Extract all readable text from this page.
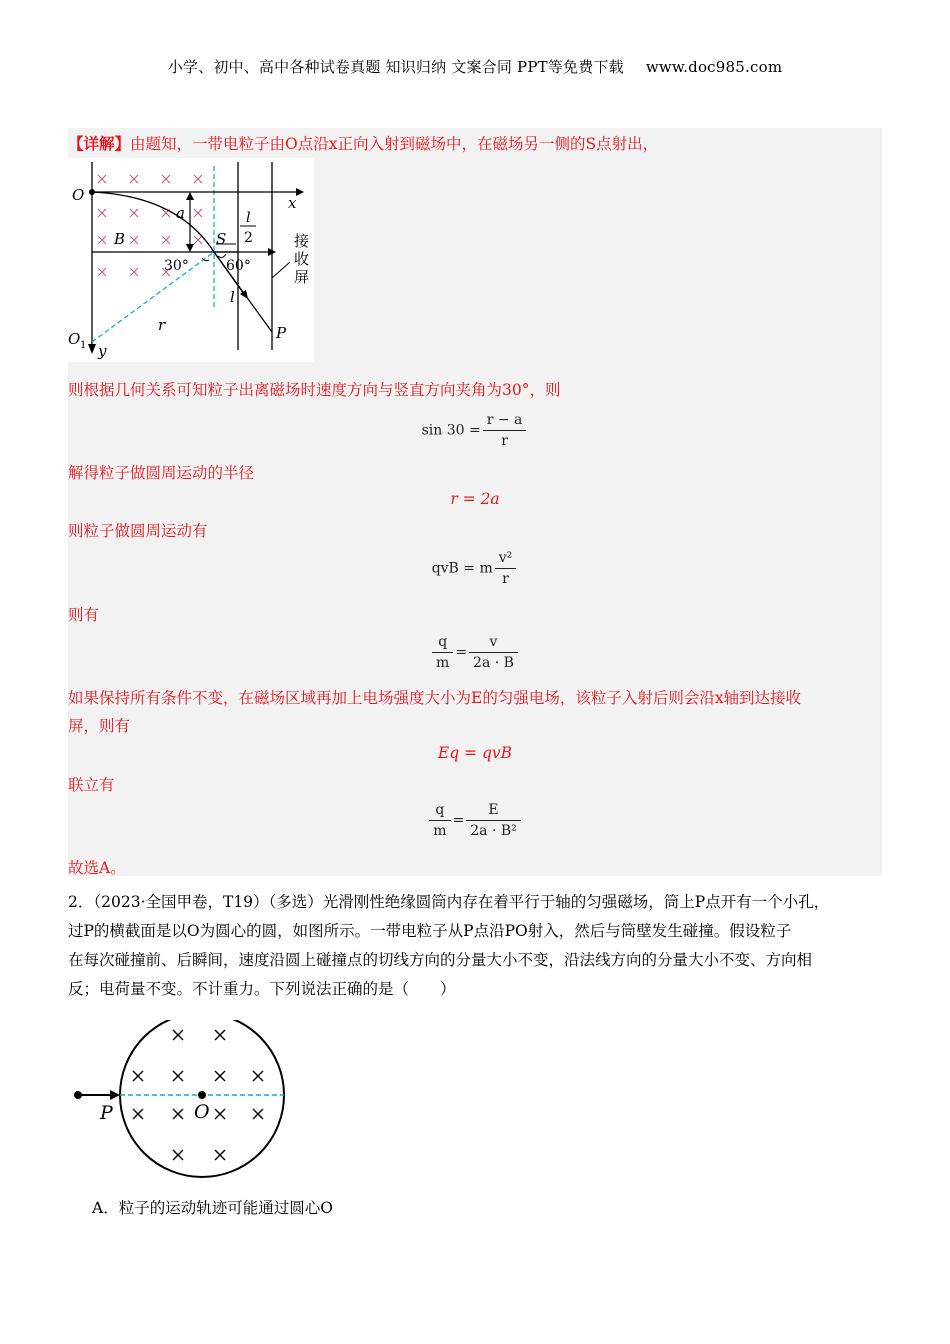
小学、初中、高中各种试卷真题 知识归纳 文案合同 PPT等免费下载 www.doc985.com
【详解】由题知，一带电粒子由O点沿x正向入射到磁场中，在磁场另一侧的S点射出，
O	x
a
B	S
l
2
30°	60°
r
l
P
O 1 y
接
收
屏
则根据几何关系可知粒子出离磁场时速度方向与竖直方向夹角为30°，则
$\sin 30 = \frac{r - a}{r}$
解得粒子做圆周运动的半径
r = 2a
则粒子做圆周运动有
qvB = m $\frac{\text{v²}}{r}$
则有
$\frac{q}{m} = \frac{v}{2a \cdot B}$
如果保持所有条件不变，在磁场区域再加上电场强度大小为E的匀强电场，该粒子入射后则会沿x轴到达接收
屏，则有
Eq = qvB
联立有
$\frac{q}{m} = \frac{E}{\text{2a · B²}}$
故选A。
2．（2023·全国甲卷，T19）（多选）光滑刚性绝缘圆筒内存在着平行于轴的匀强磁场，筒上P点开有一个小孔，
过P的横截面是以O为圆心的圆，如图所示。一带电粒子从P点沿PO射入，然后与筒壁发生碰撞。假设粒子
在每次碰撞前、后瞬间，速度沿圆上碰撞点的切线方向的分量大小不变，沿法线方向的分量大小不变、方向相
反；电荷量不变。不计重力。下列说法正确的是（　　）
P	O
A．粒子的运动轨迹可能通过圆心O
